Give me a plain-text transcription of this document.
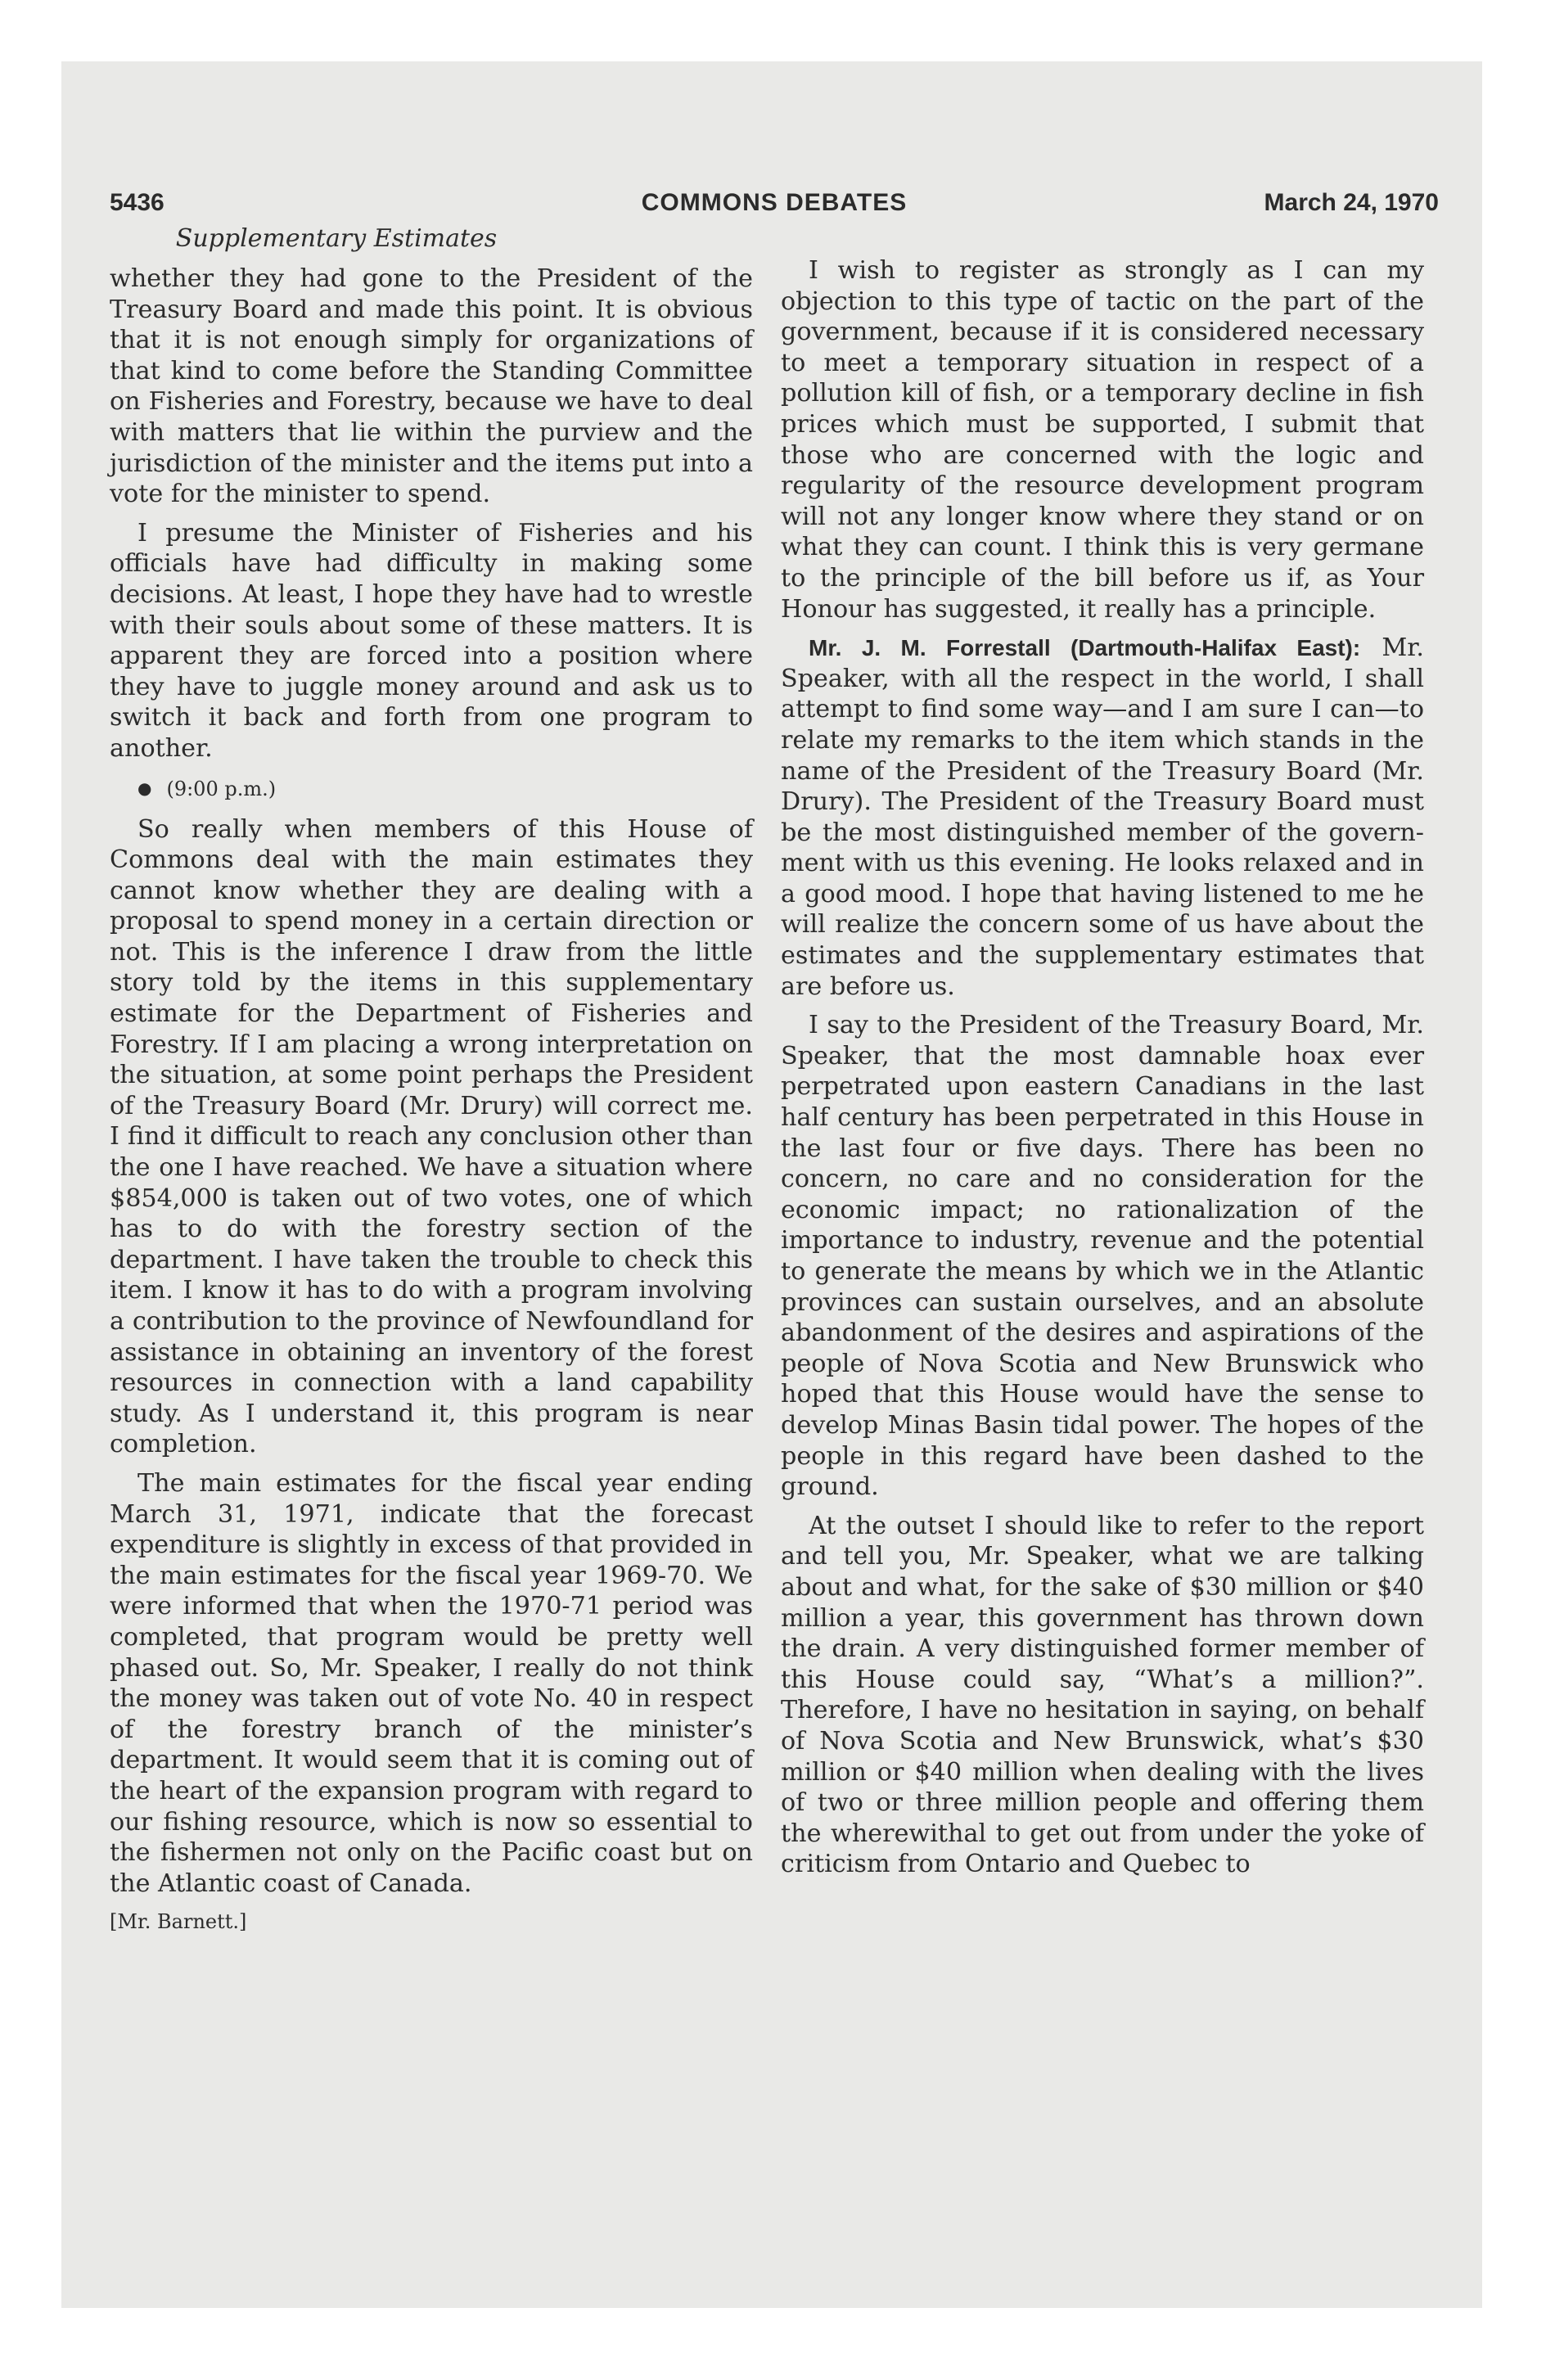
5436	COMMONS DEBATES	March 24, 1970

Supplementary Estimates

whether they had gone to the President of the Treasury Board and made this point. It is obvious that it is not enough simply for organizations of that kind to come before the Standing Committee on Fisheries and Forestry, because we have to deal with matters that lie within the purview and the jurisdiction of the minister and the items put into a vote for the minister to spend.

I presume the Minister of Fisheries and his officials have had difficulty in making some decisions. At least, I hope they have had to wrestle with their souls about some of these matters. It is apparent they are forced into a position where they have to juggle money around and ask us to switch it back and forth from one program to another.

● (9:00 p.m.)

So really when members of this House of Commons deal with the main estimates they cannot know whether they are dealing with a proposal to spend money in a certain direction or not. This is the inference I draw from the little story told by the items in this supplementary estimate for the Department of Fisheries and Forestry. If I am placing a wrong interpretation on the situation, at some point perhaps the President of the Treasury Board (Mr. Drury) will correct me. I find it difficult to reach any conclusion other than the one I have reached. We have a situation where $854,000 is taken out of two votes, one of which has to do with the forestry section of the department. I have taken the trouble to check this item. I know it has to do with a program involving a contribution to the province of Newfoundland for assistance in obtaining an inventory of the forest resources in connection with a land capability study. As I understand it, this program is near completion.

The main estimates for the fiscal year ending March 31, 1971, indicate that the forecast expenditure is slightly in excess of that provided in the main estimates for the fiscal year 1969-70. We were informed that when the 1970-71 period was completed, that program would be pretty well phased out. So, Mr. Speaker, I really do not think the money was taken out of vote No. 40 in respect of the forestry branch of the minister’s department. It would seem that it is coming out of the heart of the expansion program with regard to our fishing resource, which is now so essential to the fishermen not only on the Pacific coast but on the Atlantic coast of Canada.

[Mr. Barnett.]

I wish to register as strongly as I can my objection to this type of tactic on the part of the government, because if it is considered necessary to meet a temporary situation in respect of a pollution kill of fish, or a temporary decline in fish prices which must be supported, I submit that those who are concerned with the logic and regularity of the resource development program will not any longer know where they stand or on what they can count. I think this is very germane to the principle of the bill before us if, as Your Honour has suggested, it really has a principle.

Mr. J. M. Forrestall (Dartmouth-Halifax East): Mr. Speaker, with all the respect in the world, I shall attempt to find some way—and I am sure I can—to relate my remarks to the item which stands in the name of the President of the Treasury Board (Mr. Drury). The President of the Treasury Board must be the most distinguished member of the government with us this evening. He looks relaxed and in a good mood. I hope that having listened to me he will realize the concern some of us have about the estimates and the supplementary estimates that are before us.

I say to the President of the Treasury Board, Mr. Speaker, that the most damnable hoax ever perpetrated upon eastern Canadians in the last half century has been perpetrated in this House in the last four or five days. There has been no concern, no care and no consideration for the economic impact; no rationalization of the importance to industry, revenue and the potential to generate the means by which we in the Atlantic provinces can sustain ourselves, and an absolute abandonment of the desires and aspirations of the people of Nova Scotia and New Brunswick who hoped that this House would have the sense to develop Minas Basin tidal power. The hopes of the people in this regard have been dashed to the ground.

At the outset I should like to refer to the report and tell you, Mr. Speaker, what we are talking about and what, for the sake of $30 million or $40 million a year, this government has thrown down the drain. A very distinguished former member of this House could say, “What’s a million?”. Therefore, I have no hesitation in saying, on behalf of Nova Scotia and New Brunswick, what’s $30 million or $40 million when dealing with the lives of two or three million people and offering them the wherewithal to get out from under the yoke of criticism from Ontario and Quebec to
